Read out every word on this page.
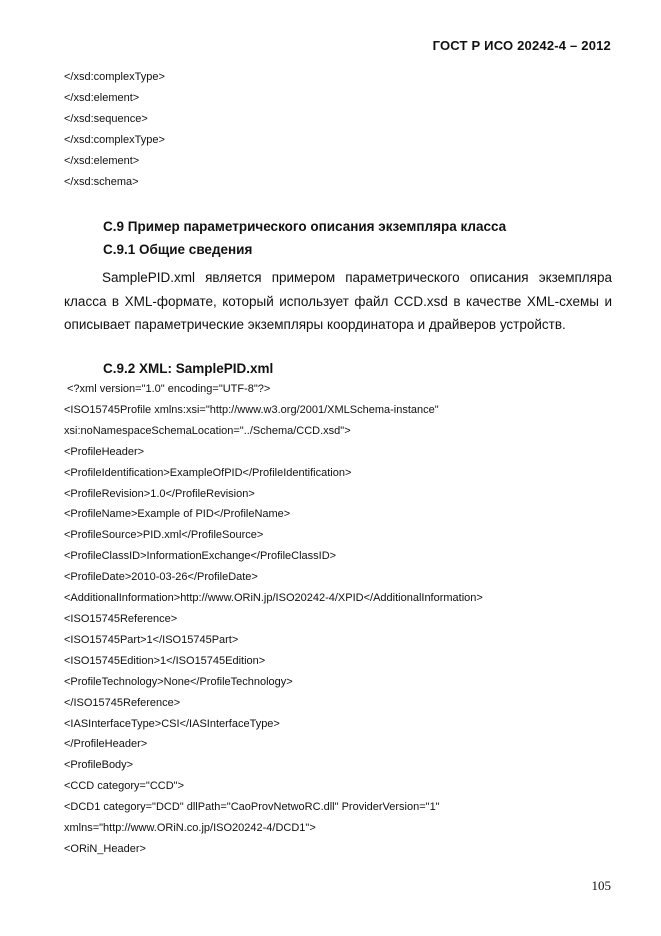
ГОСТ Р ИСО 20242-4 – 2012
</xsd:complexType>
</xsd:element>
</xsd:sequence>
</xsd:complexType>
</xsd:element>
</xsd:schema>
С.9 Пример параметрического описания экземпляра класса
С.9.1 Общие сведения
SamplePID.xml является примером параметрического описания экземпляра класса в XML-формате, который использует файл CCD.xsd в качестве XML-схемы и описывает параметрические экземпляры координатора и драйверов устройств.
С.9.2 XML: SamplePID.xml
<?xml version="1.0" encoding="UTF-8"?>
<ISO15745Profile xmlns:xsi="http://www.w3.org/2001/XMLSchema-instance"
xsi:noNamespaceSchemaLocation="../Schema/CCD.xsd">
<ProfileHeader>
<ProfileIdentification>ExampleOfPID</ProfileIdentification>
<ProfileRevision>1.0</ProfileRevision>
<ProfileName>Example of PID</ProfileName>
<ProfileSource>PID.xml</ProfileSource>
<ProfileClassID>InformationExchange</ProfileClassID>
<ProfileDate>2010-03-26</ProfileDate>
<AdditionalInformation>http://www.ORiN.jp/ISO20242-4/XPID</AdditionalInformation>
<ISO15745Reference>
<ISO15745Part>1</ISO15745Part>
<ISO15745Edition>1</ISO15745Edition>
<ProfileTechnology>None</ProfileTechnology>
</ISO15745Reference>
<IASInterfaceType>CSI</IASInterfaceType>
</ProfileHeader>
<ProfileBody>
<CCD category="CCD">
<DCD1 category="DCD" dllPath="CaoProvNetwoRC.dll" ProviderVersion="1"
xmlns="http://www.ORiN.co.jp/ISO20242-4/DCD1">
<ORiN_Header>
105
